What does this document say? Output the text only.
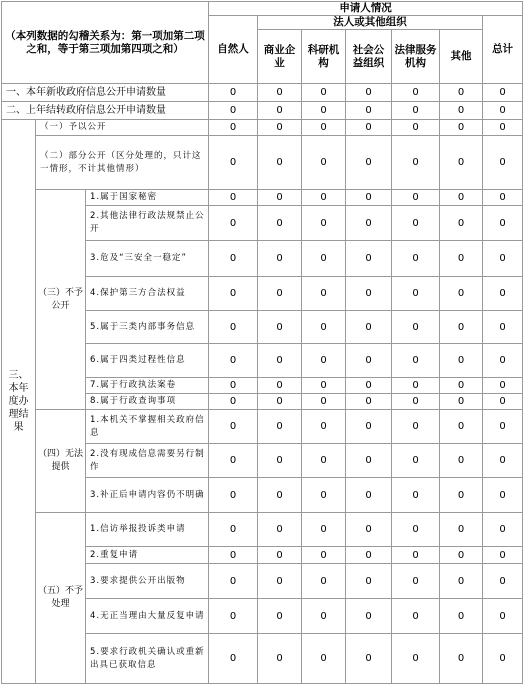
（本列数据的勾稽关系为：第一项加第二项之和，等于第三项加第四项之和）			申请人情况						
			自然人	法人或其他组织					总计
				商业企业	科研机构	社会公益组织	法律服务机构	其他	
一、本年新收政府信息公开申请数量			0	0	0	0	0	0	0
二、上年结转政府信息公开申请数量			0	0	0	0	0	0	0
三、本年度办理结果	（一）予以公开		0	0	0	0	0	0	0
	（二）部分公开（区分处理的，只计这一情形，不计其他情形）		0	0	0	0	0	0	0
	（三）不予公开	1.属于国家秘密	0	0	0	0	0	0	0
		2.其他法律行政法规禁止公开	0	0	0	0	0	0	0
		3.危及“三安全一稳定”	0	0	0	0	0	0	0
		4.保护第三方合法权益	0	0	0	0	0	0	0
		5.属于三类内部事务信息	0	0	0	0	0	0	0
		6.属于四类过程性信息	0	0	0	0	0	0	0
		7.属于行政执法案卷	0	0	0	0	0	0	0
		8.属于行政查询事项	0	0	0	0	0	0	0
	（四）无法提供	1.本机关不掌握相关政府信息	0	0	0	0	0	0	0
		2.没有现成信息需要另行制作	0	0	0	0	0	0	0
		3.补正后申请内容仍不明确	0	0	0	0	0	0	0
	（五）不予处理	1.信访举报投诉类申请	0	0	0	0	0	0	0
		2.重复申请	0	0	0	0	0	0	0
		3.要求提供公开出版物	0	0	0	0	0	0	0
		4.无正当理由大量反复申请	0	0	0	0	0	0	0
		5.要求行政机关确认或重新出具已获取信息	0	0	0	0	0	0	0
